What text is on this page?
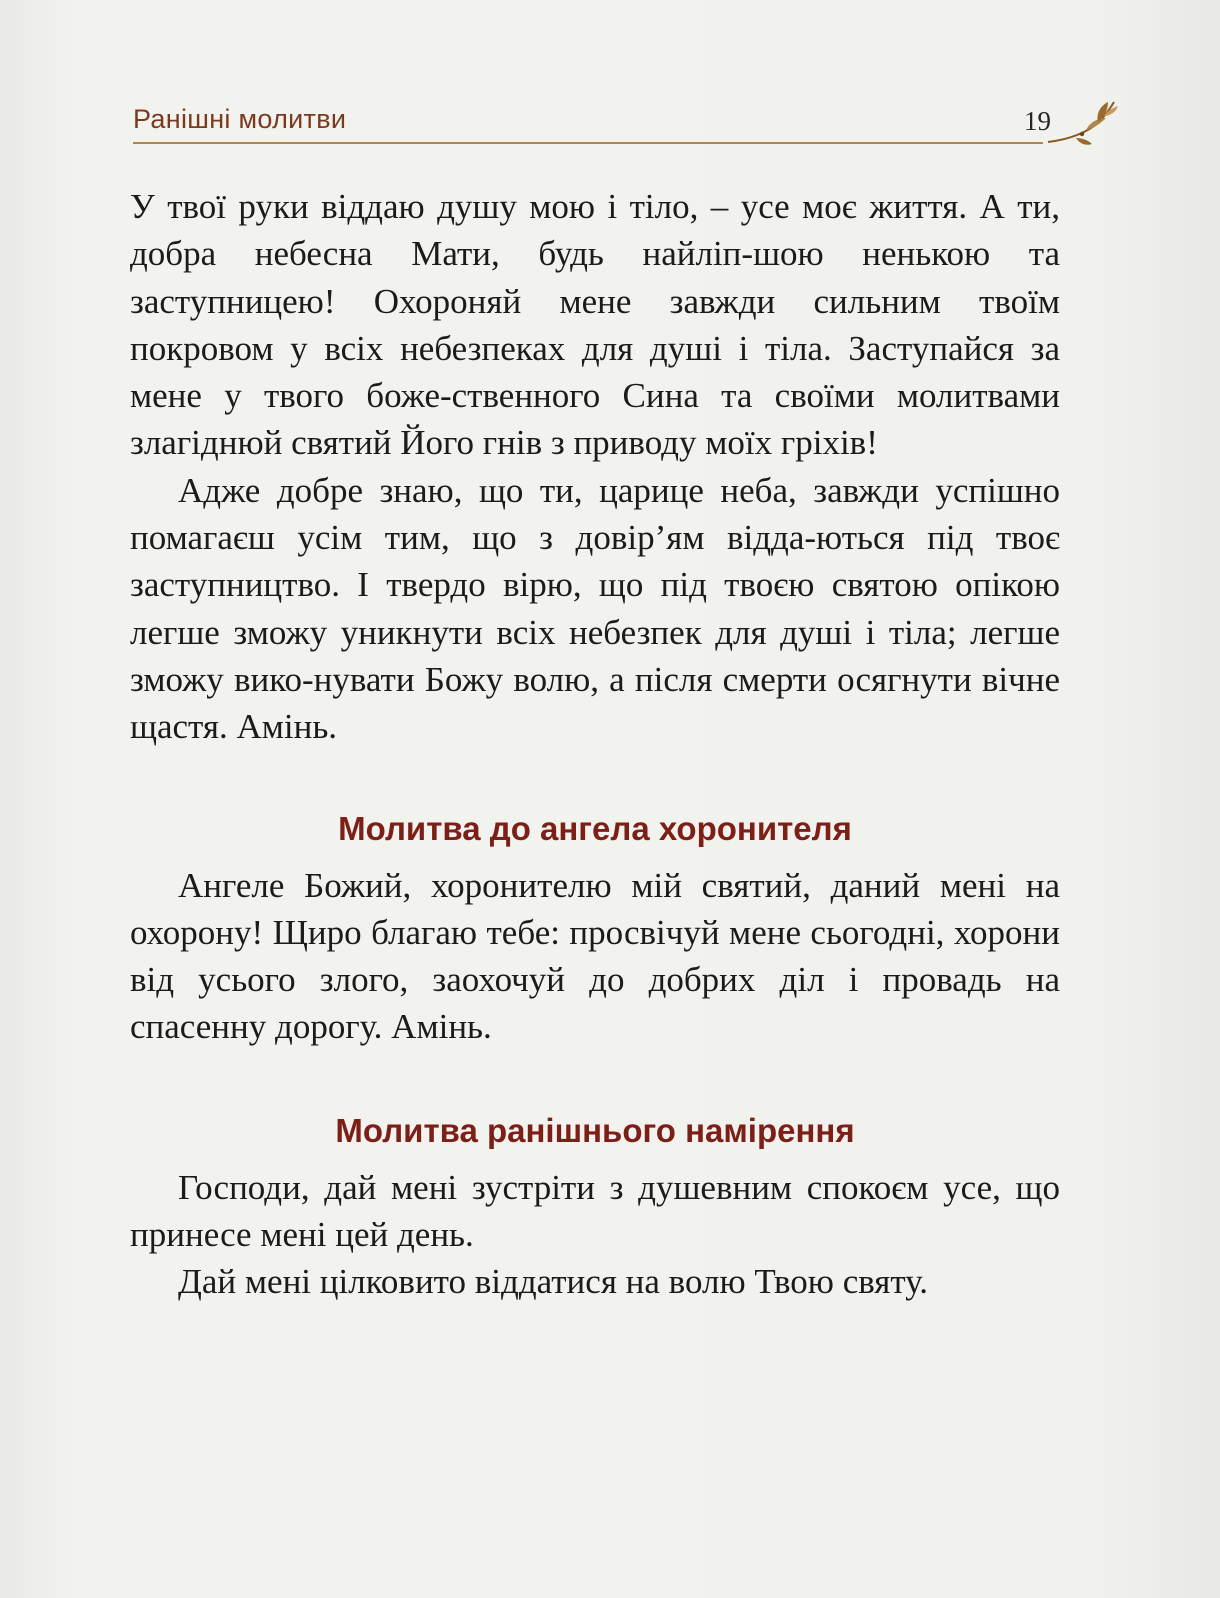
Ранішні молитви	19

У твої руки віддаю душу мою і тіло, – усе моє життя. А ти, добра небесна Мати, будь найліп-шою ненькою та заступницею! Охороняй мене завжди сильним твоїм покровом у всіх небезпеках для душі і тіла. Заступайся за мене у твого боже-ственного Сина та своїми молитвами злагіднюй святий Його гнів з приводу моїх гріхів!

Адже добре знаю, що ти, царице неба, завжди успішно помагаєш усім тим, що з довір’ям відда-ються під твоє заступництво. І твердо вірю, що під твоєю святою опікою легше зможу уникнути всіх небезпек для душі і тіла; легше зможу вико-нувати Божу волю, а після смерти осягнути вічне щастя. Амінь.

Молитва до ангела хоронителя

Ангеле Божий, хоронителю мій святий, даний мені на охорону! Щиро благаю тебе: просвічуй мене сьогодні, хорони від усього злого, заохочуй до добрих діл і провадь на спасенну дорогу. Амінь.

Молитва ранішнього намірення

Господи, дай мені зустріти з душевним спокоєм усе, що принесе мені цей день.

Дай мені цілковито віддатися на волю Твою святу.
